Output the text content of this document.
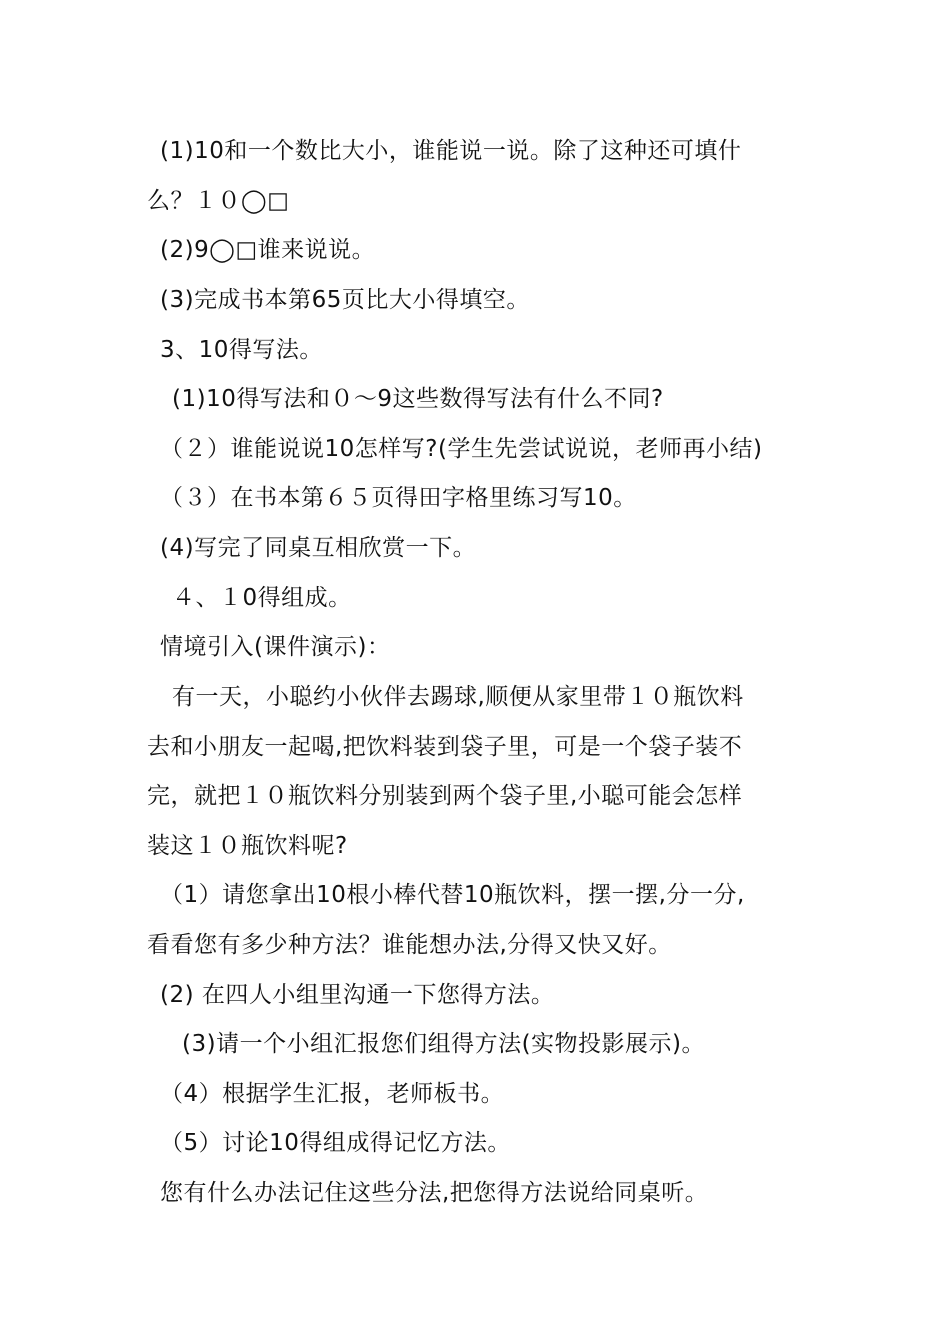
(1)10和一个数比大小，谁能说一说。除了这种还可填什
么？１０◯□
(2)9◯□谁来说说。
(3)完成书本第65页比大小得填空。
3、10得写法。
(1)10得写法和０～9这些数得写法有什么不同?
（２）谁能说说10怎样写?(学生先尝试说说，老师再小结)
（３）在书本第６５页得田字格里练习写10。
(4)写完了同桌互相欣赏一下。
４、１0得组成。
情境引入(课件演示)：
有一天，小聪约小伙伴去踢球,顺便从家里带１０瓶饮料
去和小朋友一起喝,把饮料装到袋子里，可是一个袋子装不
完，就把１０瓶饮料分别装到两个袋子里,小聪可能会怎样
装这１０瓶饮料呢?
（1）请您拿出10根小棒代替10瓶饮料，摆一摆,分一分,
看看您有多少种方法？谁能想办法,分得又快又好。
(2) 在四人小组里沟通一下您得方法。
(3)请一个小组汇报您们组得方法(实物投影展示)。
（4）根据学生汇报，老师板书。
（5）讨论10得组成得记忆方法。
您有什么办法记住这些分法,把您得方法说给同桌听。
